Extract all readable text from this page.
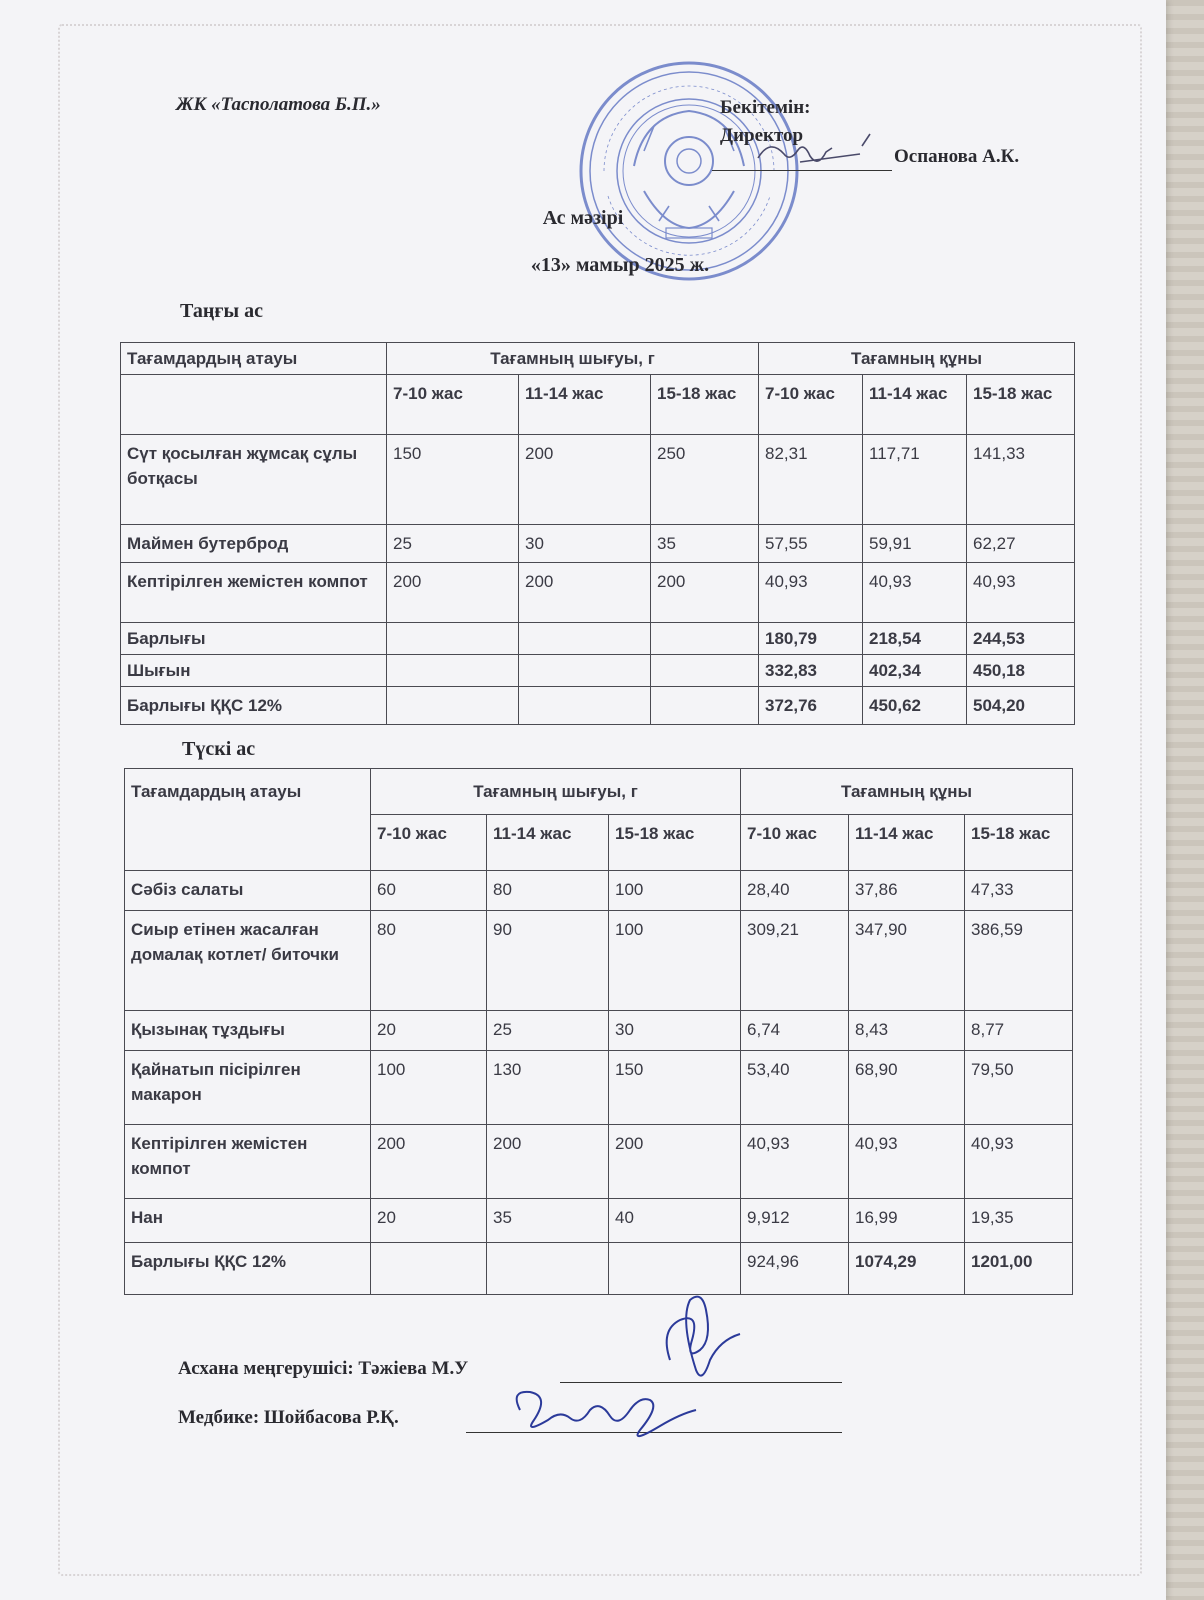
ЖК «Тасполатова Б.П.»	Бекітемін:
Директор
Оспанова А.К.
Ас мәзірі
«13» мамыр 2025 ж.
Таңғы ас
Тағамдардың атауы	Тағамның шығуы, г			Тағамның құны		
	7-10 жас	11-14 жас	15-18 жас	7-10 жас	11-14 жас	15-18 жас
Сүт қосылған жұмсақ сұлы ботқасы	150	200	250	82,31	117,71	141,33
Маймен бутерброд	25	30	35	57,55	59,91	62,27
Кептірілген жемістен компот	200	200	200	40,93	40,93	40,93
Барлығы				180,79	218,54	244,53
Шығын				332,83	402,34	450,18
Барлығы ҚҚС 12%				372,76	450,62	504,20
Түскі ас
Тағамдардың атауы	Тағамның шығуы, г			Тағамның құны		
	7-10 жас	11-14 жас	15-18 жас	7-10 жас	11-14 жас	15-18 жас
Сәбіз салаты	60	80	100	28,40	37,86	47,33
Сиыр етінен жасалған домалақ котлет/ биточки	80	90	100	309,21	347,90	386,59
Қызынақ тұздығы	20	25	30	6,74	8,43	8,77
Қайнатып пісірілген макарон	100	130	150	53,40	68,90	79,50
Кептірілген жемістен компот	200	200	200	40,93	40,93	40,93
Нан	20	35	40	9,912	16,99	19,35
Барлығы ҚҚС 12%				924,96	1074,29	1201,00
Асхана меңгерушісі: Тәжіева М.У
Медбике: Шойбасова Р.Қ.
